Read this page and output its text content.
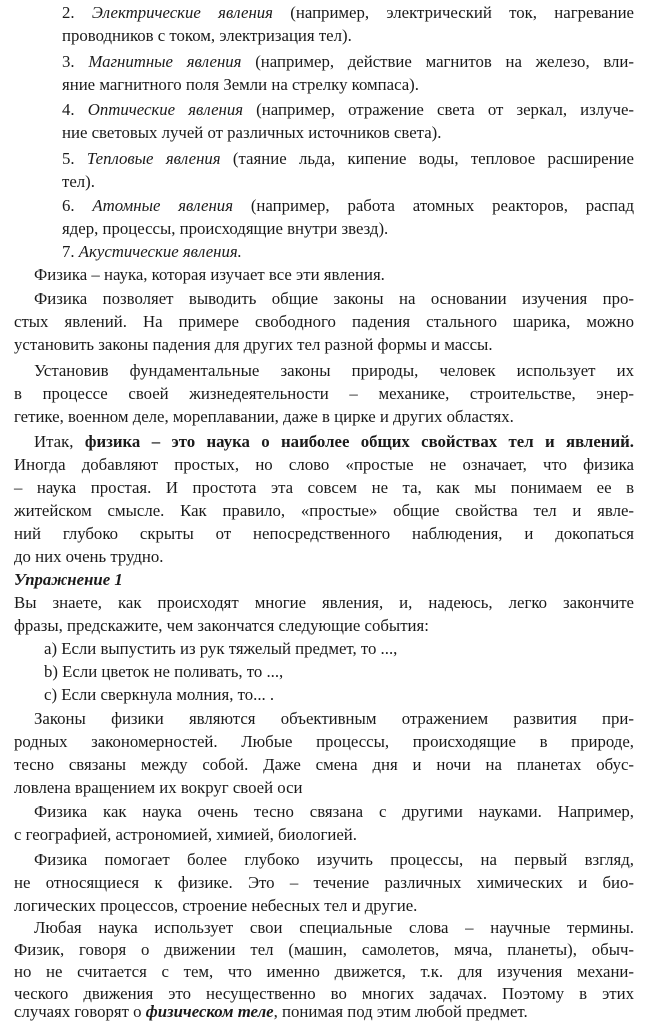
2. Электрические явления (например, электрический ток, нагревание
проводников с током, электризация тел).
3. Магнитные явления (например, действие магнитов на железо, вли-
яние магнитного поля Земли на стрелку компаса).
4. Оптические явления (например, отражение света от зеркал, излуче-
ние световых лучей от различных источников света).
5. Тепловые явления (таяние льда, кипение воды, тепловое расширение
тел).
6. Атомные явления (например, работа атомных реакторов, распад
ядер, процессы, происходящие внутри звезд).
7. Акустические явления.
Физика – наука, которая изучает все эти явления.
Физика позволяет выводить общие законы на основании изучения про-
стых явлений. На примере свободного падения стального шарика, можно
установить законы падения для других тел разной формы и массы.
Установив фундаментальные законы природы, человек использует их
в процессе своей жизнедеятельности – механике, строительстве, энер-
гетике, военном деле, мореплавании, даже в цирке и других областях.
Итак, физика – это наука о наиболее общих свойствах тел и явлений.
Иногда добавляют простых, но слово «простые не означает, что физика
– наука простая. И простота эта совсем не та, как мы понимаем ее в
житейском смысле. Как правило, «простые» общие свойства тел и явле-
ний глубоко скрыты от непосредственного наблюдения, и докопаться
до них очень трудно.
Упражнение 1
Вы знаете, как происходят многие явления, и, надеюсь, легко закончите
фразы, предскажите, чем закончатся следующие события:
a) Если выпустить из рук тяжелый предмет, то ...,
b) Если цветок не поливать, то ...,
c) Если сверкнула молния, то... .
Законы физики являются объективным отражением развития при-
родных закономерностей. Любые процессы, происходящие в природе,
тесно связаны между собой. Даже смена дня и ночи на планетах обус-
ловлена вращением их вокруг своей оси
Физика как наука очень тесно связана с другими науками. Например,
с географией, астрономией, химией, биологией.
Физика помогает более глубоко изучить процессы, на первый взгляд,
не относящиеся к физике. Это – течение различных химических и био-
логических процессов, строение небесных тел и другие.
Любая наука использует свои специальные слова – научные термины.
Физик, говоря о движении тел (машин, самолетов, мяча, планеты), обыч-
но не считается с тем, что именно движется, т.к. для изучения механи-
ческого движения это несущественно во многих задачах. Поэтому в этих
случаях говорят о физическом теле, понимая под этим любой предмет.
